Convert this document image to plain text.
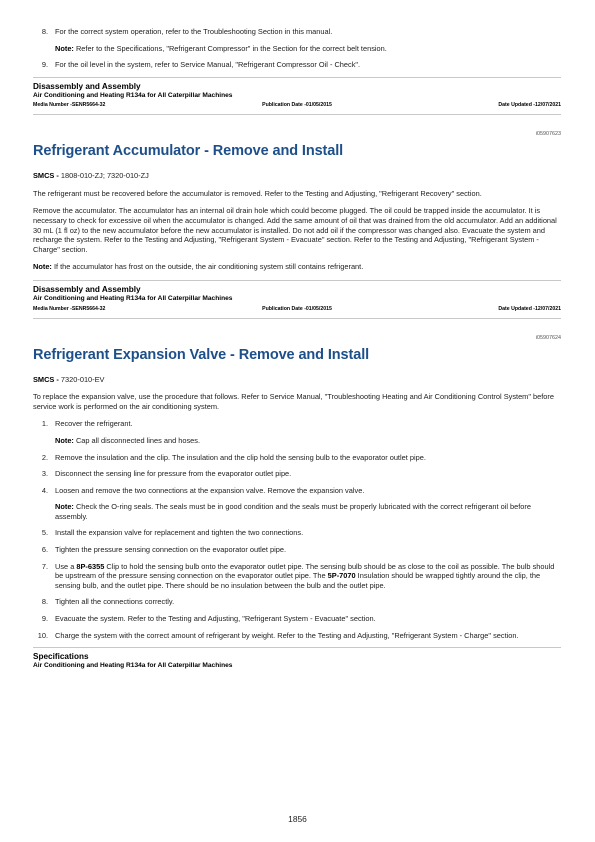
8. For the correct system operation, refer to the Troubleshooting Section in this manual.
Note: Refer to the Specifications, "Refrigerant Compressor" in the Section for the correct belt tension.
9. For the oil level in the system, refer to Service Manual, "Refrigerant Compressor Oil - Check".
Disassembly and Assembly
Air Conditioning and Heating R134a for All Caterpillar Machines
Media Number -SENR5664-32	Publication Date -01/05/2015	Date Updated -12/07/2021
i05907623
Refrigerant Accumulator - Remove and Install
SMCS - 1808-010-ZJ; 7320-010-ZJ
The refrigerant must be recovered before the accumulator is removed. Refer to the Testing and Adjusting, "Refrigerant Recovery" section.
Remove the accumulator. The accumulator has an internal oil drain hole which could become plugged. The oil could be trapped inside the accumulator. It is necessary to check for excessive oil when the accumulator is changed. Add the same amount of oil that was drained from the old accumulator. Add an additional 30 mL (1 fl oz) to the new accumulator before the new accumulator is installed. Do not add oil if the compressor was changed also. Evacuate the system and recharge the system. Refer to the Testing and Adjusting, "Refrigerant System - Evacuate" section. Refer to the Testing and Adjusting, "Refrigerant System - Charge" section.
Note: If the accumulator has frost on the outside, the air conditioning system still contains refrigerant.
Disassembly and Assembly
Air Conditioning and Heating R134a for All Caterpillar Machines
Media Number -SENR5664-32	Publication Date -01/05/2015	Date Updated -12/07/2021
i05907624
Refrigerant Expansion Valve - Remove and Install
SMCS - 7320-010-EV
To replace the expansion valve, use the procedure that follows. Refer to Service Manual, "Troubleshooting Heating and Air Conditioning Control System" before service work is performed on the air conditioning system.
1. Recover the refrigerant.
Note: Cap all disconnected lines and hoses.
2. Remove the insulation and the clip. The insulation and the clip hold the sensing bulb to the evaporator outlet pipe.
3. Disconnect the sensing line for pressure from the evaporator outlet pipe.
4. Loosen and remove the two connections at the expansion valve. Remove the expansion valve.
Note: Check the O-ring seals. The seals must be in good condition and the seals must be properly lubricated with the correct refrigerant oil before assembly.
5. Install the expansion valve for replacement and tighten the two connections.
6. Tighten the pressure sensing connection on the evaporator outlet pipe.
7. Use a 8P-6355 Clip to hold the sensing bulb onto the evaporator outlet pipe. The sensing bulb should be as close to the coil as possible. The bulb should be upstream of the pressure sensing connection on the evaporator outlet pipe. The 5P-7070 Insulation should be wrapped tightly around the clip, the sensing bulb, and the outlet pipe. There should be no insulation between the bulb and the outlet pipe.
8. Tighten all the connections correctly.
9. Evacuate the system. Refer to the Testing and Adjusting, "Refrigerant System - Evacuate" section.
10. Charge the system with the correct amount of refrigerant by weight. Refer to the Testing and Adjusting, "Refrigerant System - Charge" section.
Specifications
Air Conditioning and Heating R134a for All Caterpillar Machines
1856
